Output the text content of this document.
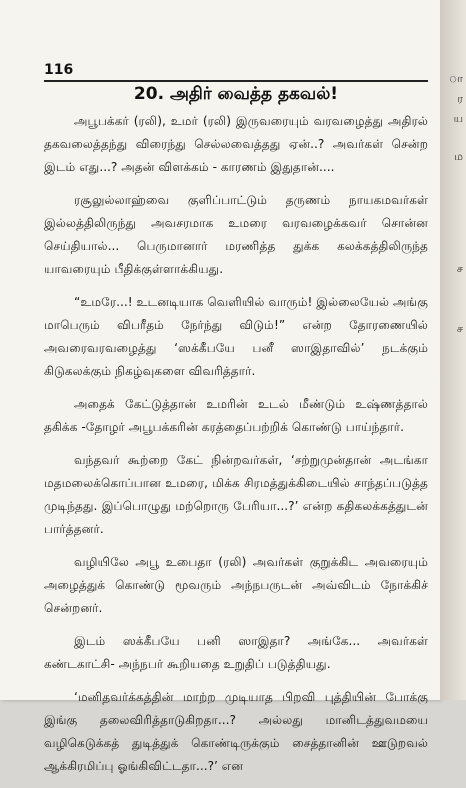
116
20. அதிர் வைத்த தகவல்!

அபூபக்கர் (ரலி), உமர் (ரலி) இருவரையும் வரவழைத்து அதிரல் தகவலைத்தந்து விரைந்து செல்லவைத்தது ஏன்..? அவர்கள் சென்ற இடம் எது...? அதன் விளக்கம் - காரணம் இதுதான்....

ரசூலுல்லாஹ்வை குளிப்பாட்டும் தருணம் நாயகமவர்கள் இல்லத்திலிருந்து அவசரமாக உமரை வரவழைக்கவர் சொன்ன செய்தியால்... பெருமானார் மரணித்த துக்க கலக்கத்திலிருந்த யாவரையும் பீதிக்குள்ளாக்கியது.

“உமரே...! உடனடியாக வெளியில் வாரும்! இல்லையேல் அங்கு மாபெரும் விபரீதம் நேர்ந்து விடும்!” என்ற தோரணையில் அவரைவரவழைத்து ‘ஸக்கீபயே பனீ ஸாஇதாவில்’ நடக்கும் கிடுகலக்கும் நிகழ்வுகளை விவரித்தார்.

அதைக் கேட்டுத்தான் உமரின் உடல் மீண்டும் உஷ்ணத்தால் தகிக்க -தோழர் அபூபக்கரின் கரத்தைப்பற்றிக் கொண்டு பாய்ந்தார்.

வந்தவர் கூற்றை கேட் நின்றவர்கள், ‘சற்றுமுன்தான் அடங்கா மதமலைக்கொப்பான உமரை, மிக்க சிரமத்துக்கிடையில் சாந்தப்படுத்த முடிந்தது. இப்பொழுது மற்றொரு பேரியா...?’ என்ற கதிகலக்கத்துடன் பார்த்தனர்.

வழியிலே அபூ உபைதா (ரலி) அவர்கள் குறுக்கிட அவரையும் அழைத்துக் கொண்டு மூவரும் அந்நபருடன் அவ்விடம் நோக்கிச் சென்றனர்.

இடம் ஸக்கீபயே பனி ஸாஇதா? அங்கே... அவர்கள் கண்டகாட்சி- அந்நபர் கூறியதை உறுதிப் படுத்தியது.

‘மனிதவர்க்கத்தின் மாற்ற முடியாத பிறவி புத்தியின் போக்கு இங்கு தலைவிரித்தாடுகிறதா...? அல்லது மானிடத்துவமயை வழிகெடுக்கத் துடித்துக் கொண்டிருக்கும் சைத்தானின் ஊடுறவல் ஆக்கிரமிப்பு ஓங்கிவிட்டதா...?’ என

ா
ர
ய
ம
ச
ச
